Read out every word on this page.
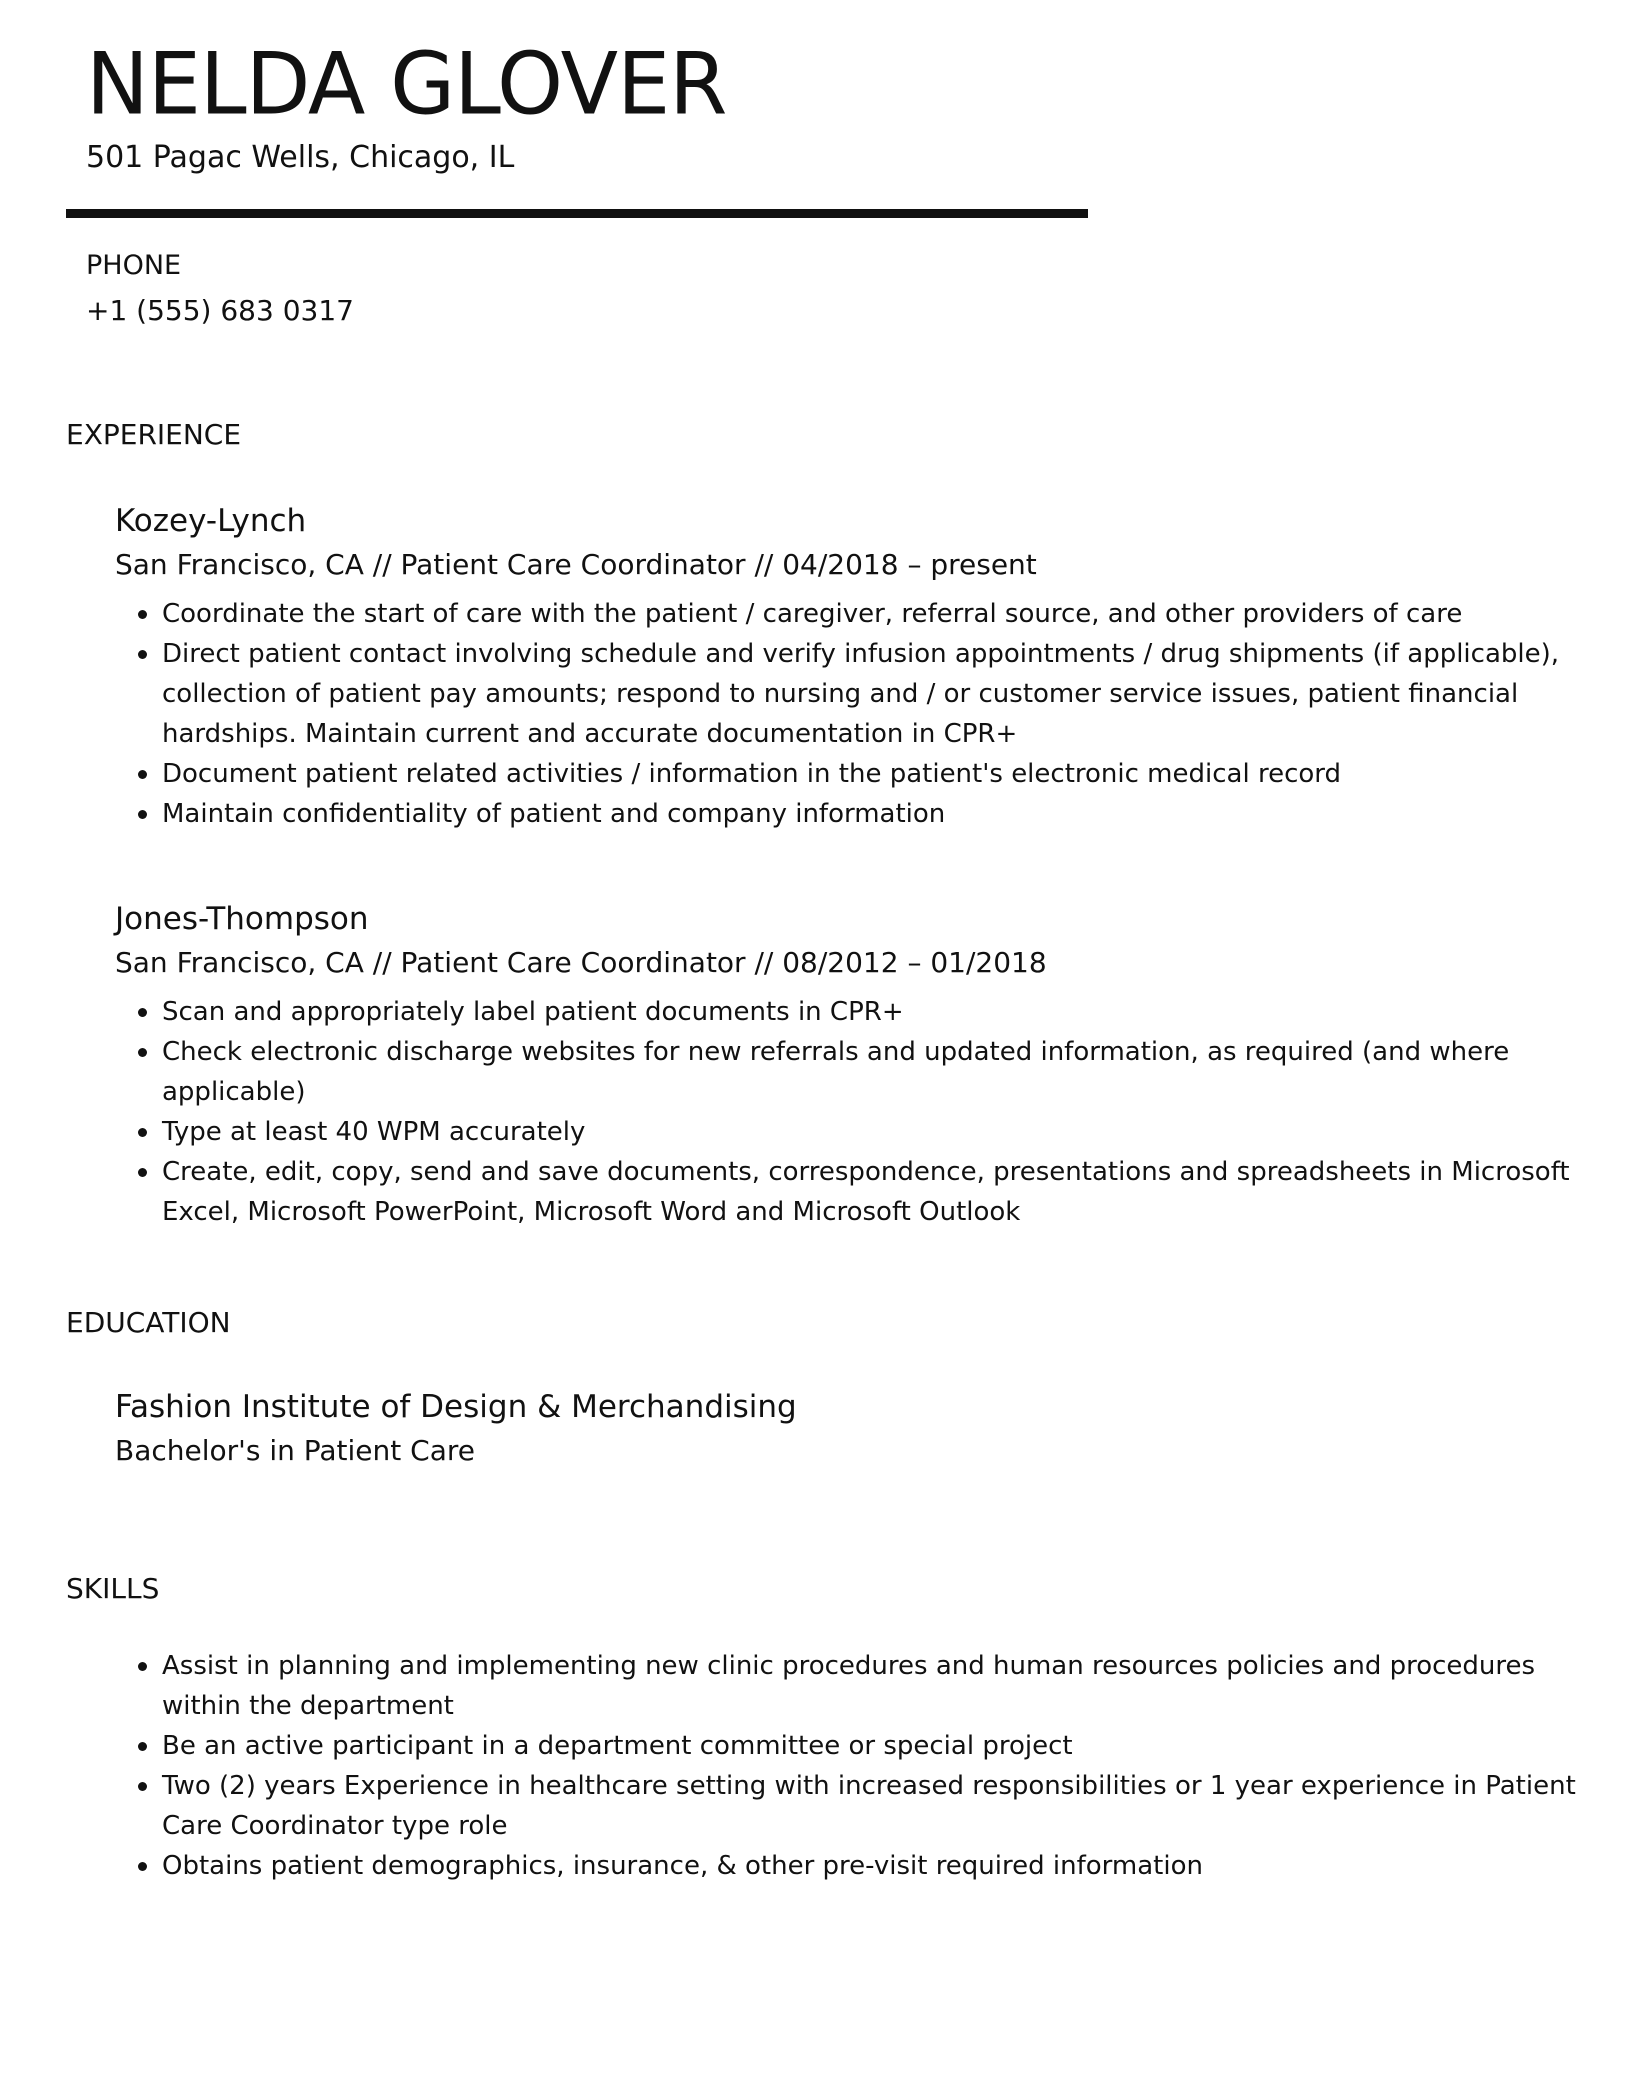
NELDA GLOVER
501 Pagac Wells, Chicago, IL
PHONE
+1 (555) 683 0317
EXPERIENCE
Kozey-Lynch
San Francisco, CA // Patient Care Coordinator // 04/2018 – present
Coordinate the start of care with the patient / caregiver, referral source, and other providers of care
Direct patient contact involving schedule and verify infusion appointments / drug shipments (if applicable), collection of patient pay amounts; respond to nursing and / or customer service issues, patient financial hardships. Maintain current and accurate documentation in CPR+
Document patient related activities / information in the patient's electronic medical record
Maintain confidentiality of patient and company information
Jones-Thompson
San Francisco, CA // Patient Care Coordinator // 08/2012 – 01/2018
Scan and appropriately label patient documents in CPR+
Check electronic discharge websites for new referrals and updated information, as required (and where applicable)
Type at least 40 WPM accurately
Create, edit, copy, send and save documents, correspondence, presentations and spreadsheets in Microsoft Excel, Microsoft PowerPoint, Microsoft Word and Microsoft Outlook
EDUCATION
Fashion Institute of Design & Merchandising
Bachelor's in Patient Care
SKILLS
Assist in planning and implementing new clinic procedures and human resources policies and procedures within the department
Be an active participant in a department committee or special project
Two (2) years Experience in healthcare setting with increased responsibilities or 1 year experience in Patient Care Coordinator type role
Obtains patient demographics, insurance, & other pre-visit required information
